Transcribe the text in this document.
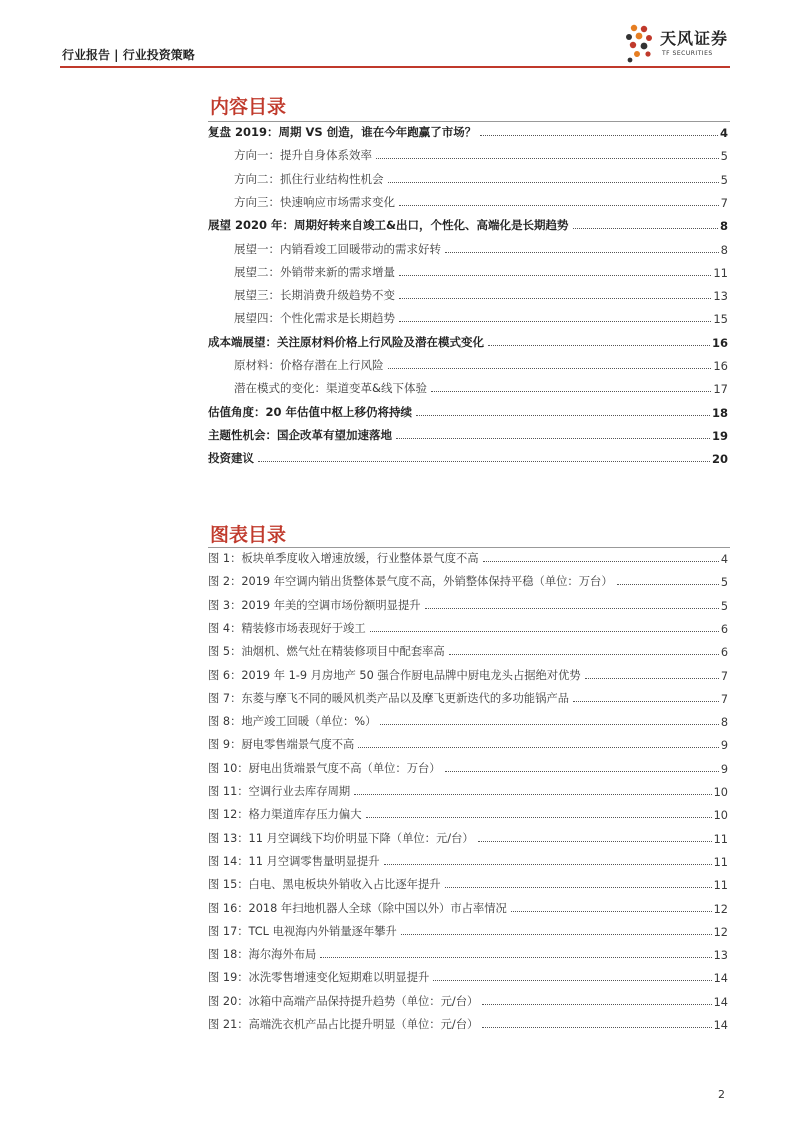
行业报告 | 行业投资策略
天风证券
TF SECURITIES
内容目录
复盘 2019：周期 VS 创造，谁在今年跑赢了市场？	4
方向一：提升自身体系效率	5
方向二：抓住行业结构性机会	5
方向三：快速响应市场需求变化	7
展望 2020 年：周期好转来自竣工&出口，个性化、高端化是长期趋势	8
展望一：内销看竣工回暖带动的需求好转	8
展望二：外销带来新的需求增量	11
展望三：长期消费升级趋势不变	13
展望四：个性化需求是长期趋势	15
成本端展望：关注原材料价格上行风险及潜在模式变化	16
原材料：价格存潜在上行风险	16
潜在模式的变化：渠道变革&线下体验	17
估值角度：20 年估值中枢上移仍将持续	18
主题性机会：国企改革有望加速落地	19
投资建议	20
图表目录
图 1：板块单季度收入增速放缓，行业整体景气度不高	4
图 2：2019 年空调内销出货整体景气度不高，外销整体保持平稳（单位：万台）	5
图 3：2019 年美的空调市场份额明显提升	5
图 4：精装修市场表现好于竣工	6
图 5：油烟机、燃气灶在精装修项目中配套率高	6
图 6：2019 年 1-9 月房地产 50 强合作厨电品牌中厨电龙头占据绝对优势	7
图 7：东菱与摩飞不同的暖风机类产品以及摩飞更新迭代的多功能锅产品	7
图 8：地产竣工回暖（单位：%）	8
图 9：厨电零售端景气度不高	9
图 10：厨电出货端景气度不高（单位：万台）	9
图 11：空调行业去库存周期	10
图 12：格力渠道库存压力偏大	10
图 13：11 月空调线下均价明显下降（单位：元/台）	11
图 14：11 月空调零售量明显提升	11
图 15：白电、黑电板块外销收入占比逐年提升	11
图 16：2018 年扫地机器人全球（除中国以外）市占率情况	12
图 17：TCL 电视海内外销量逐年攀升	12
图 18：海尔海外布局	13
图 19：冰洗零售增速变化短期难以明显提升	14
图 20：冰箱中高端产品保持提升趋势（单位：元/台）	14
图 21：高端洗衣机产品占比提升明显（单位：元/台）	14
2
